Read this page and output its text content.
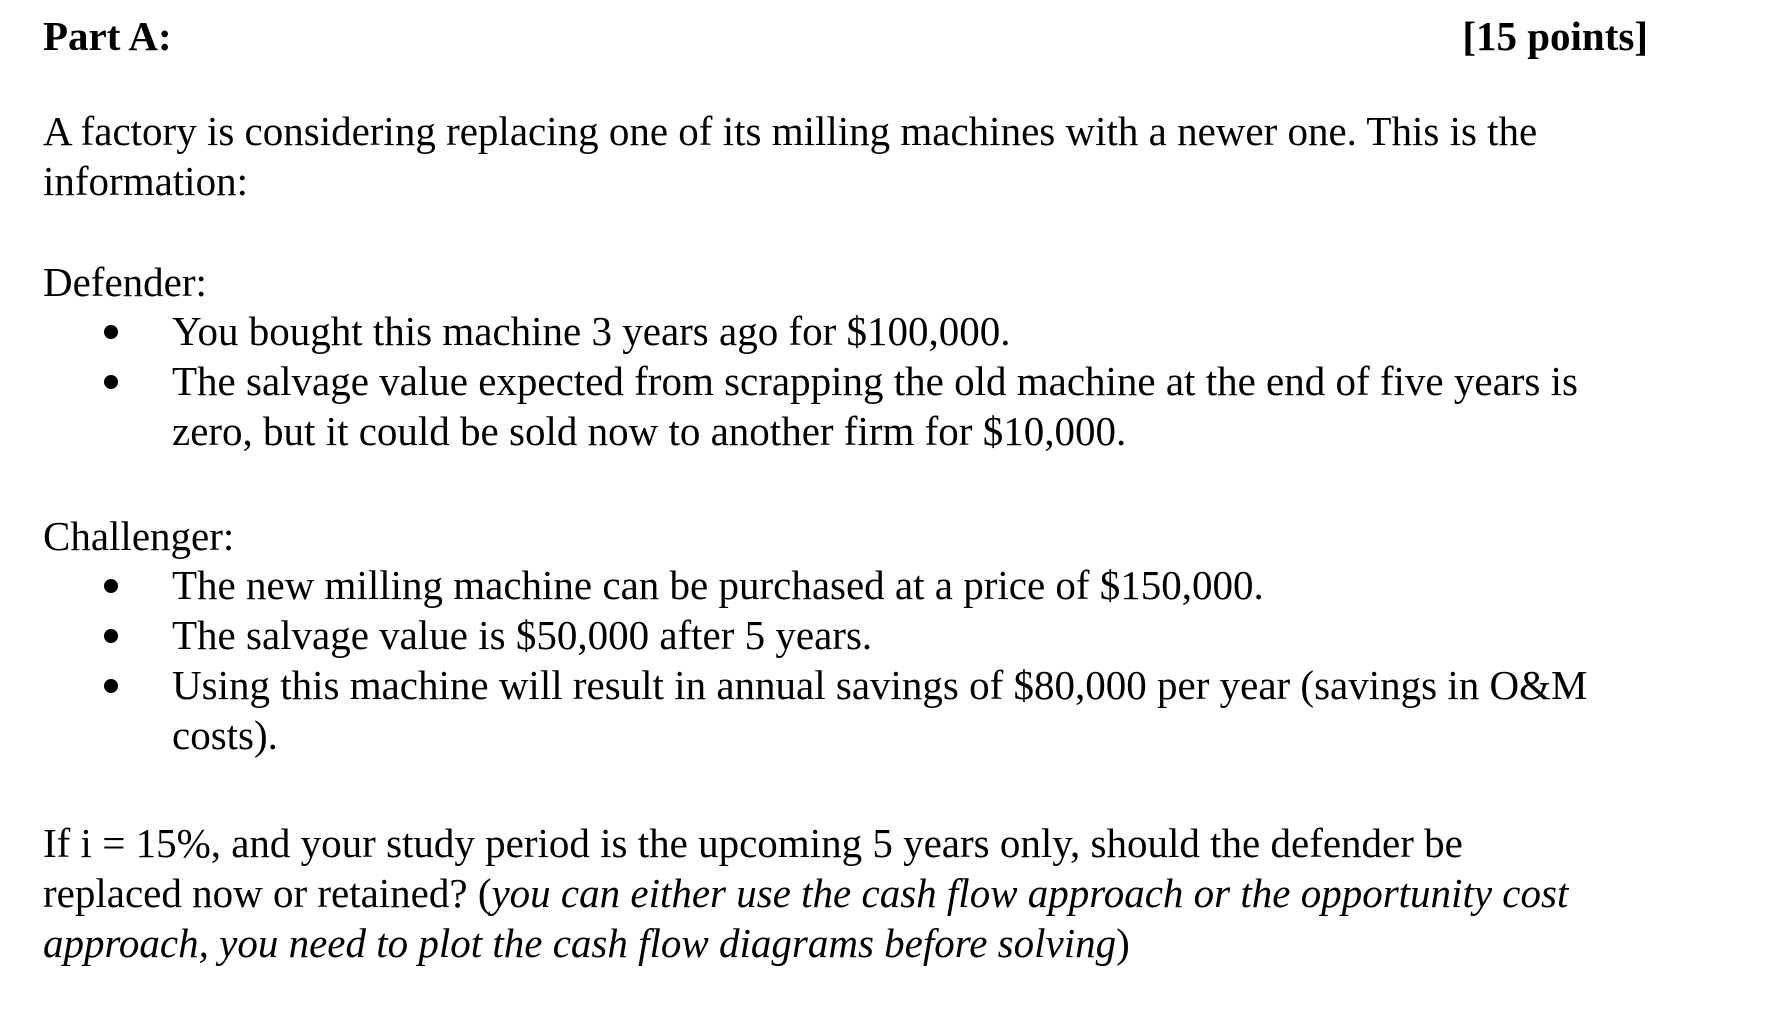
Part A:	[15 points]

A factory is considering replacing one of its milling machines with a newer one. This is the
information:

Defender:
You bought this machine 3 years ago for $100,000.
The salvage value expected from scrapping the old machine at the end of five years is
zero, but it could be sold now to another firm for $10,000.
Challenger:
The new milling machine can be purchased at a price of $150,000.
The salvage value is $50,000 after 5 years.
Using this machine will result in annual savings of $80,000 per year (savings in O&M
costs).

If i = 15%, and your study period is the upcoming 5 years only, should the defender be
replaced now or retained? (you can either use the cash flow approach or the opportunity cost
approach, you need to plot the cash flow diagrams before solving)
